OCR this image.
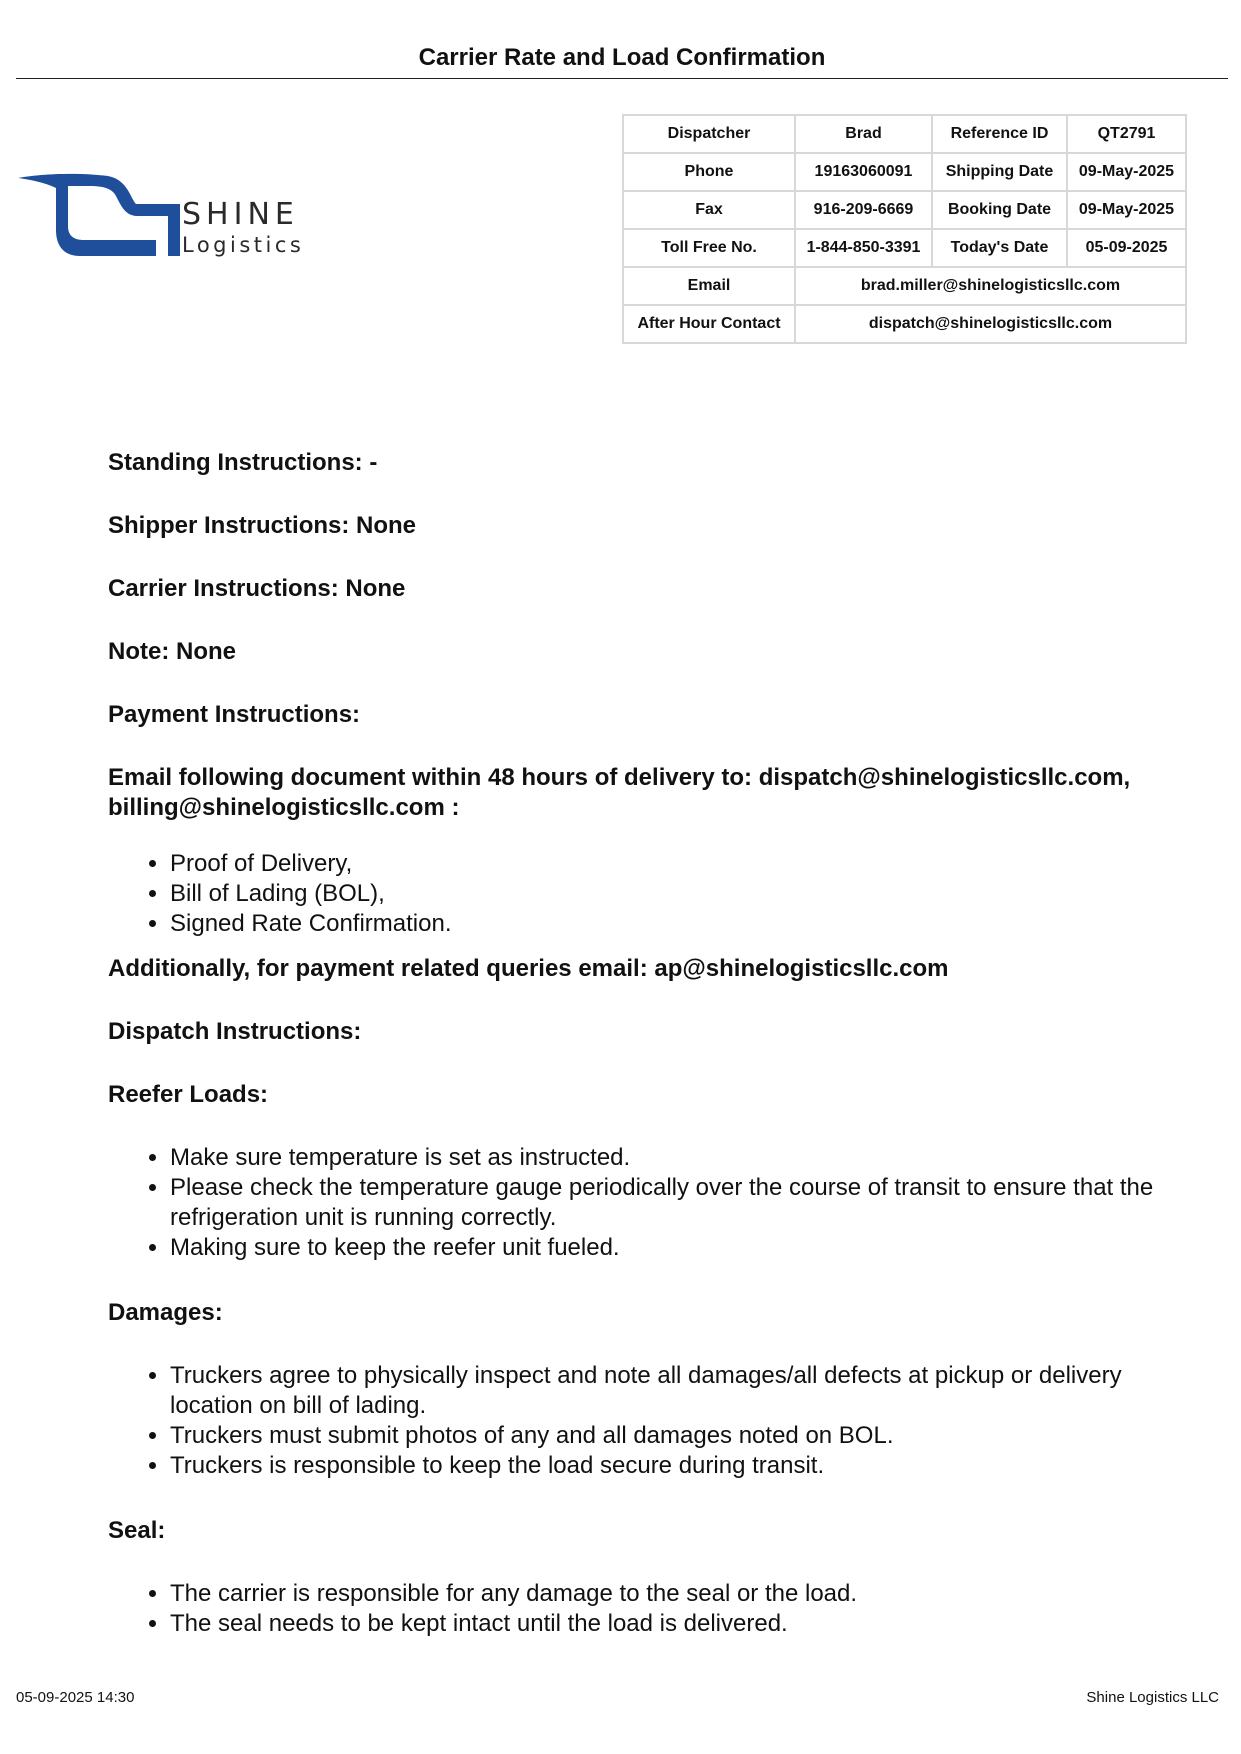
Carrier Rate and Load Confirmation
SHINE
Logistics
Dispatcher	Brad	Reference ID	QT2791
Phone	19163060091	Shipping Date	09-May-2025
Fax	916-209-6669	Booking Date	09-May-2025
Toll Free No.	1-844-850-3391	Today's Date	05-09-2025
Email	brad.miller@shinelogisticsllc.com		
After Hour Contact	dispatch@shinelogisticsllc.com		
Standing Instructions: -
Shipper Instructions: None
Carrier Instructions: None
Note: None
Payment Instructions:
Email following document within 48 hours of delivery to: dispatch@shinelogisticsllc.com, billing@shinelogisticsllc.com :
• Proof of Delivery,
• Bill of Lading (BOL),
• Signed Rate Confirmation.
Additionally, for payment related queries email: ap@shinelogisticsllc.com
Dispatch Instructions:
Reefer Loads:
• Make sure temperature is set as instructed.
• Please check the temperature gauge periodically over the course of transit to ensure that the refrigeration unit is running correctly.
• Making sure to keep the reefer unit fueled.
Damages:
• Truckers agree to physically inspect and note all damages/all defects at pickup or delivery location on bill of lading.
• Truckers must submit photos of any and all damages noted on BOL.
• Truckers is responsible to keep the load secure during transit.
Seal:
• The carrier is responsible for any damage to the seal or the load.
• The seal needs to be kept intact until the load is delivered.
05-09-2025 14:30	Shine Logistics LLC
